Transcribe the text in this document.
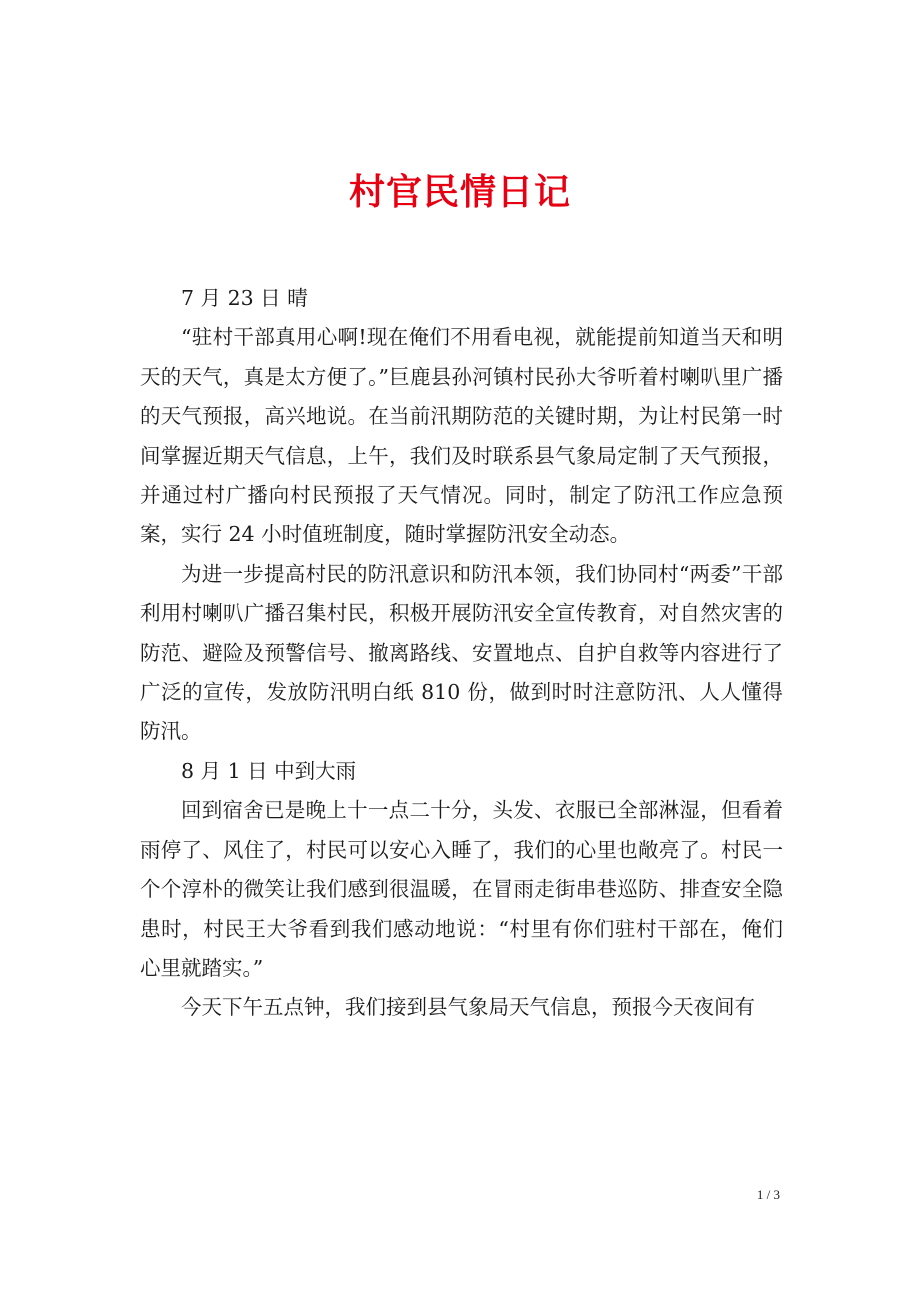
村官民情日记

7 月 23 日 晴

“驻村干部真用心啊!现在俺们不用看电视，就能提前知道当天和明天的天气，真是太方便了。”巨鹿县孙河镇村民孙大爷听着村喇叭里广播的天气预报，高兴地说。在当前汛期防范的关键时期，为让村民第一时间掌握近期天气信息，上午，我们及时联系县气象局定制了天气预报，并通过村广播向村民预报了天气情况。同时，制定了防汛工作应急预案，实行 24 小时值班制度，随时掌握防汛安全动态。

为进一步提高村民的防汛意识和防汛本领，我们协同村“两委”干部利用村喇叭广播召集村民，积极开展防汛安全宣传教育，对自然灾害的防范、避险及预警信号、撤离路线、安置地点、自护自救等内容进行了广泛的宣传，发放防汛明白纸 810 份，做到时时注意防汛、人人懂得防汛。

8 月 1 日 中到大雨

回到宿舍已是晚上十一点二十分，头发、衣服已全部淋湿，但看着雨停了、风住了，村民可以安心入睡了，我们的心里也敞亮了。村民一个个淳朴的微笑让我们感到很温暖，在冒雨走街串巷巡防、排查安全隐患时，村民王大爷看到我们感动地说：“村里有你们驻村干部在，俺们心里就踏实。”

今天下午五点钟，我们接到县气象局天气信息，预报今天夜间有

1 / 3
